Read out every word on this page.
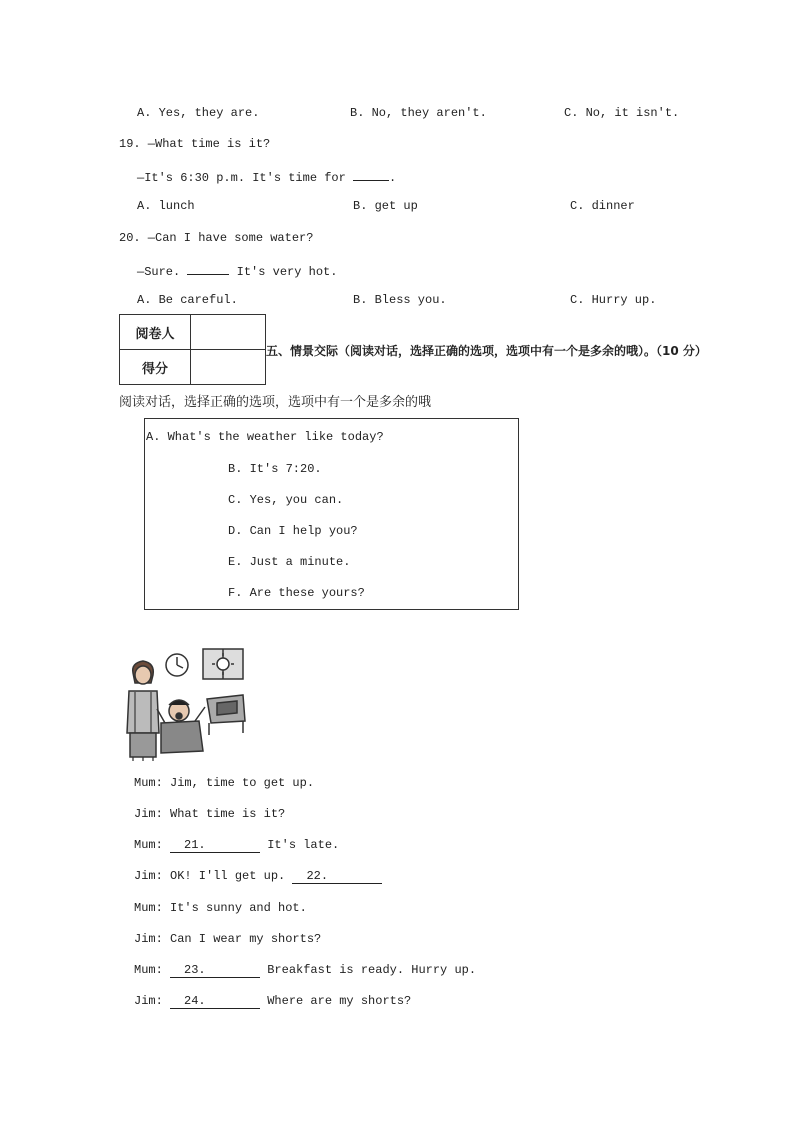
A. Yes, they are.	B. No, they aren't.	C. No, it isn't.
19. —What time is it?
—It's 6:30 p.m. It's time for	.
A. lunch	B. get up	C. dinner
20. —Can I have some water?
—Sure.	It's very hot.
A. Be careful.	B. Bless you.	C. Hurry up.
阅卷人	
得分	
五、情景交际（阅读对话，选择正确的选项，选项中有一个是多余的哦）。（10 分）
阅读对话，选择正确的选项，选项中有一个是多余的哦
A. What's the weather like today?
B. It's 7:20.
C. Yes, you can.
D. Can I help you?
E. Just a minute.
F. Are these yours?
Mum: Jim, time to get up.
Jim: What time is it?
Mum: 21.	It's late.
Jim: OK! I'll get up. 22.
Mum: It's sunny and hot.
Jim: Can I wear my shorts?
Mum: 23.	Breakfast is ready. Hurry up.
Jim: 24.	Where are my shorts?
